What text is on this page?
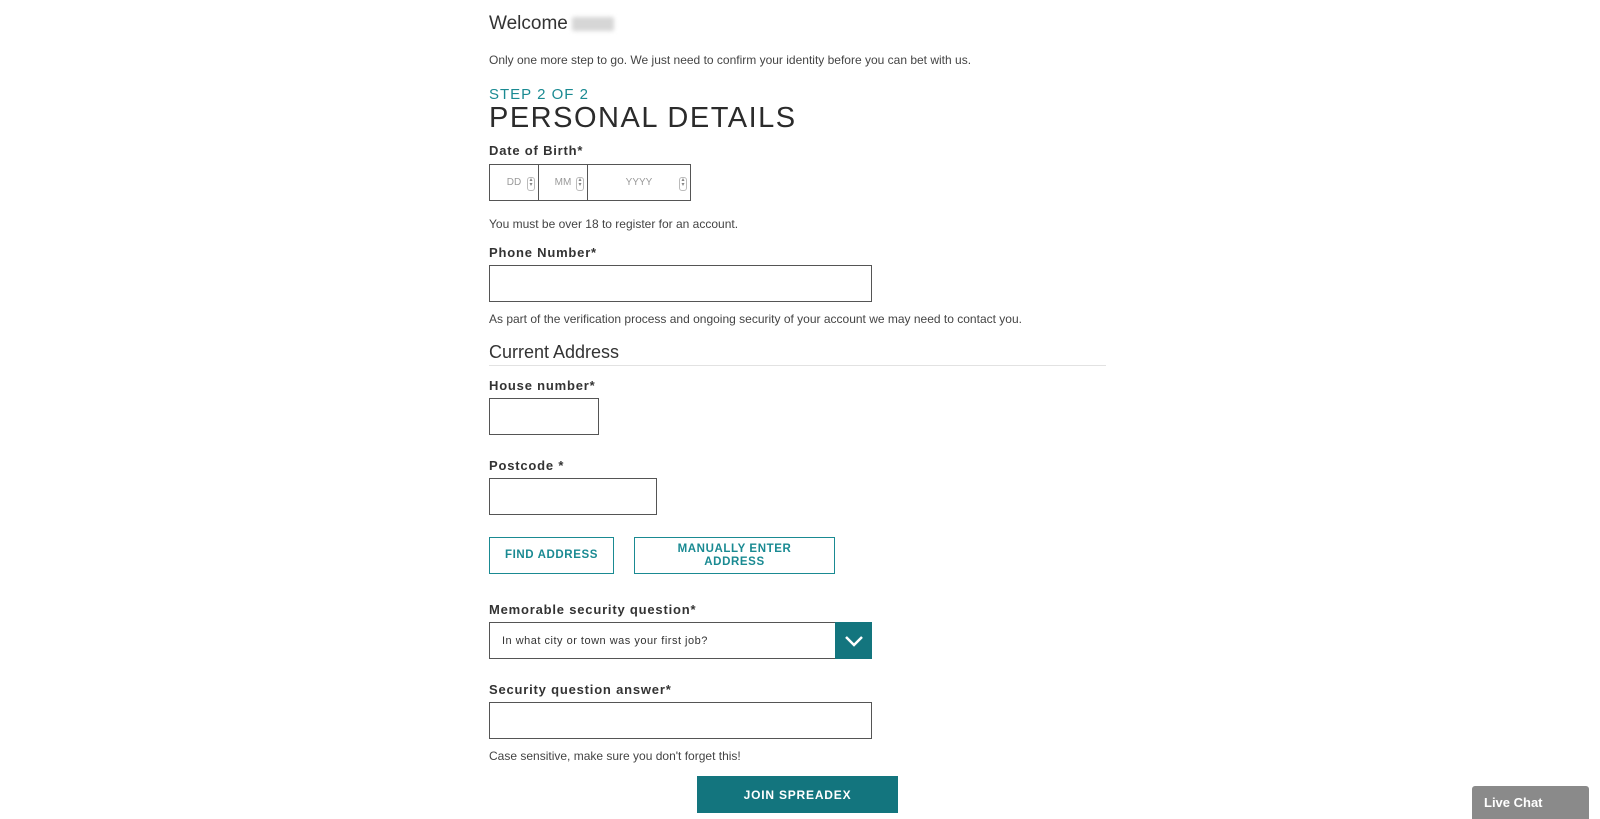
Welcome
Only one more step to go. We just need to confirm your identity before you can bet with us.
STEP 2 OF 2
PERSONAL DETAILS
Date of Birth*
DD	▴
▾ MM	▴
▾	YYYY	▴
▾
You must be over 18 to register for an account.
Phone Number*
As part of the verification process and ongoing security of your account we may need to contact you.
Current Address
House number*
Postcode *
FIND ADDRESS
MANUALLY ENTER ADDRESS
Memorable security question*
In what city or town was your first job?
Security question answer*
Case sensitive, make sure you don't forget this!
JOIN SPREADEX
Live Chat
